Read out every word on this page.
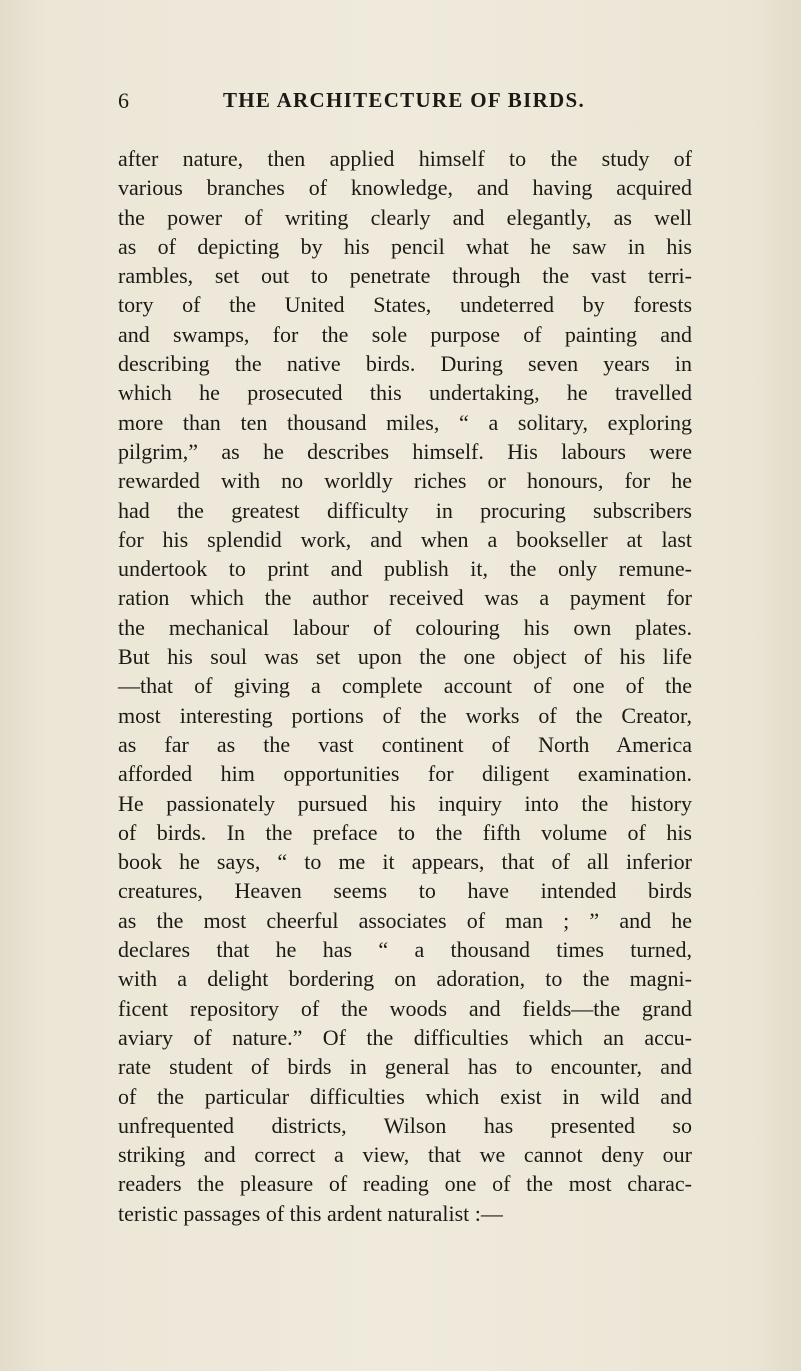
6	THE ARCHITECTURE OF BIRDS.
after nature, then applied himself to the study of
various branches of knowledge, and having acquired
the power of writing clearly and elegantly, as well
as of depicting by his pencil what he saw in his
rambles, set out to penetrate through the vast terri-
tory of the United States, undeterred by forests
and swamps, for the sole purpose of painting and
describing the native birds. During seven years in
which he prosecuted this undertaking, he travelled
more than ten thousand miles, “ a solitary, exploring
pilgrim,” as he describes himself. His labours were
rewarded with no worldly riches or honours, for he
had the greatest difficulty in procuring subscribers
for his splendid work, and when a bookseller at last
undertook to print and publish it, the only remune-
ration which the author received was a payment for
the mechanical labour of colouring his own plates.
But his soul was set upon the one object of his life
—that of giving a complete account of one of the
most interesting portions of the works of the Creator,
as far as the vast continent of North America
afforded him opportunities for diligent examination.
He passionately pursued his inquiry into the history
of birds. In the preface to the fifth volume of his
book he says, “ to me it appears, that of all inferior
creatures, Heaven seems to have intended birds
as the most cheerful associates of man ; ” and he
declares that he has “ a thousand times turned,
with a delight bordering on adoration, to the magni-
ficent repository of the woods and fields—the grand
aviary of nature.” Of the difficulties which an accu-
rate student of birds in general has to encounter, and
of the particular difficulties which exist in wild and
unfrequented districts, Wilson has presented so
striking and correct a view, that we cannot deny our
readers the pleasure of reading one of the most charac-
teristic passages of this ardent naturalist :—
